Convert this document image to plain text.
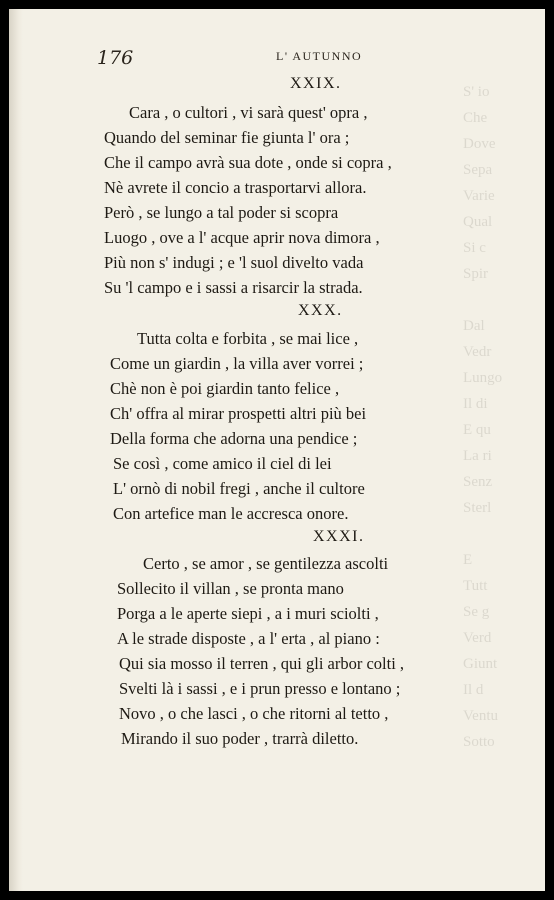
S' io
Che
Dove
Sepa
Varie
Qual
Si c
Spir
Dal
Vedr
Lungo
Il di
E qu
La ri
Senz
Sterl
E
Tutt
Se g
Verd
Giunt
Il d
Ventu
Sotto
176	L' AUTUNNO
XXIX.
Cara , o cultori , vi sarà quest' opra ,
Quando del seminar fie giunta l' ora ;
Che il campo avrà sua dote , onde si copra ,
Nè avrete il concio a trasportarvi allora.
Però , se lungo a tal poder si scopra
Luogo , ove a l' acque aprir nova dimora ,
Più non s' indugi ; e 'l suol divelto vada
Su 'l campo e i sassi a risarcir la strada.
XXX.
Tutta colta e forbita , se mai lice ,
Come un giardin , la villa aver vorrei ;
Chè non è poi giardin tanto felice ,
Ch' offra al mirar prospetti altri più bei
Della forma che adorna una pendice ;
Se così , come amico il ciel di lei
L' ornò di nobil fregi , anche il cultore
Con artefice man le accresca onore.
XXXI.
Certo , se amor , se gentilezza ascolti
Sollecito il villan , se pronta mano
Porga a le aperte siepi , a i muri sciolti ,
A le strade disposte , a l' erta , al piano :
Qui sia mosso il terren , qui gli arbor colti ,
Svelti là i sassi , e i prun presso e lontano ;
Novo , o che lasci , o che ritorni al tetto ,
Mirando il suo poder , trarrà diletto.
